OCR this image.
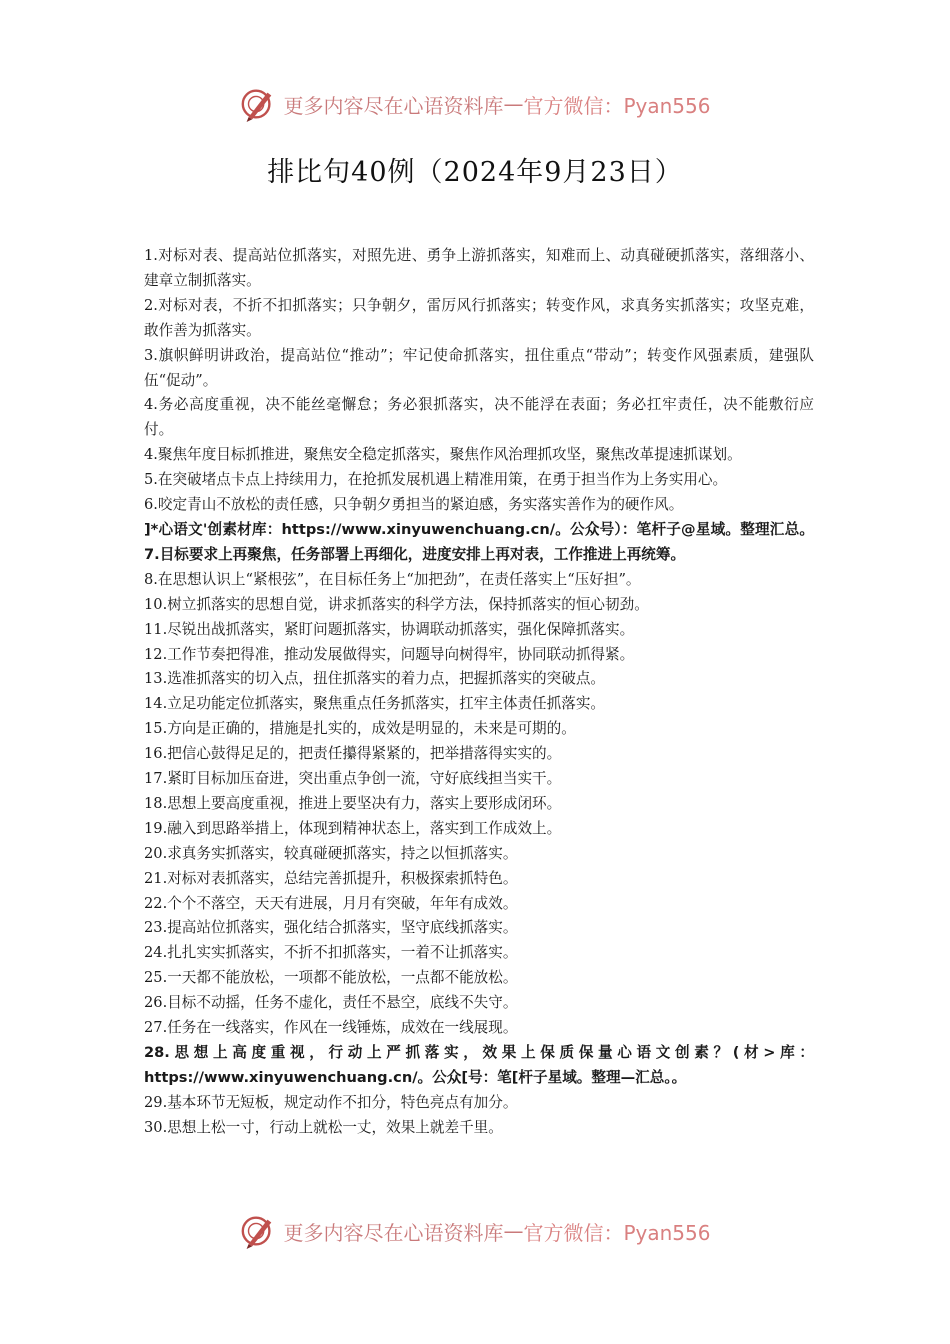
更多内容尽在心语资料库 — 官方微信：Pyan556
排比句40例（2024年9月23日）

1.对标对表、提高站位抓落实，对照先进、勇争上游抓落实，知难而上、动真碰硬抓落实，落细落小、建章立制抓落实。

2.对标对表，不折不扣抓落实；只争朝夕，雷厉风行抓落实；转变作风，求真务实抓落实；攻坚克难，敢作善为抓落实。

3.旗帜鲜明讲政治，提高站位“推动”；牢记使命抓落实，扭住重点“带动”；转变作风强素质，建强队伍“促动”。

4.务必高度重视，决不能丝毫懈怠；务必狠抓落实，决不能浮在表面；务必扛牢责任，决不能敷衍应付。

4.聚焦年度目标抓推进，聚焦安全稳定抓落实，聚焦作风治理抓攻坚，聚焦改革提速抓谋划。

5.在突破堵点卡点上持续用力，在抢抓发展机遇上精准用策，在勇于担当作为上务实用心。

6.咬定青山不放松的责任感，只争朝夕勇担当的紧迫感，务实落实善作为的硬作风。

]*心语文'创素材库：https://www.xinyuwenchuang.cn/。公众号）：笔杆子@星域。整理汇总。7.目标要求上再聚焦，任务部署上再细化，进度安排上再对表，工作推进上再统筹。

8.在思想认识上“紧根弦”，在目标任务上“加把劲”，在责任落实上“压好担”。

10.树立抓落实的思想自觉，讲求抓落实的科学方法，保持抓落实的恒心韧劲。

11.尽锐出战抓落实，紧盯问题抓落实，协调联动抓落实，强化保障抓落实。

12.工作节奏把得准，推动发展做得实，问题导向树得牢，协同联动抓得紧。

13.选准抓落实的切入点，扭住抓落实的着力点，把握抓落实的突破点。

14.立足功能定位抓落实，聚焦重点任务抓落实，扛牢主体责任抓落实。

15.方向是正确的，措施是扎实的，成效是明显的，未来是可期的。

16.把信心鼓得足足的，把责任攥得紧紧的，把举措落得实实的。

17.紧盯目标加压奋进，突出重点争创一流，守好底线担当实干。

18.思想上要高度重视，推进上要坚决有力，落实上要形成闭环。

19.融入到思路举措上，体现到精神状态上，落实到工作成效上。

20.求真务实抓落实，较真碰硬抓落实，持之以恒抓落实。

21.对标对表抓落实，总结完善抓提升，积极探索抓特色。

22.个个不落空，天天有进展，月月有突破，年年有成效。

23.提高站位抓落实，强化结合抓落实，坚守底线抓落实。

24.扎扎实实抓落实，不折不扣抓落实，一着不让抓落实。

25.一天都不能放松，一项都不能放松，一点都不能放松。

26.目标不动摇，任务不虚化，责任不悬空，底线不失守。

27.任务在一线落实，作风在一线锤炼，成效在一线展现。

28.思想上高度重视，行动上严抓落实，效果上保质保量心语文创素？(材>库：https://www.xinyuwenchuang.cn/。公众[号：笔[杆子星域。整理—汇总。。

29.基本环节无短板，规定动作不扣分，特色亮点有加分。

30.思想上松一寸，行动上就松一丈，效果上就差千里。

更多内容尽在心语资料库 — 官方微信：Pyan556
